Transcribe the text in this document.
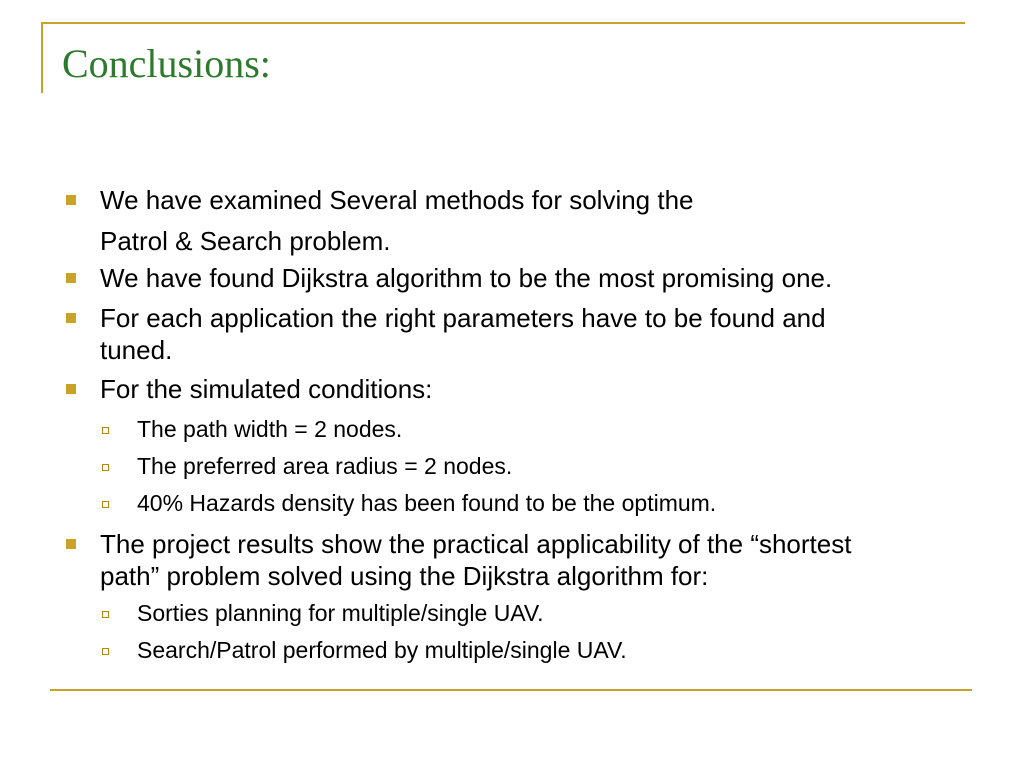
Conclusions:

We have examined Several methods for solving the

Patrol & Search problem.

We have found Dijkstra algorithm to be the most promising one.

For each application the right parameters have to be found and

tuned.

For the simulated conditions:

The path width = 2 nodes.

The preferred area radius = 2 nodes.

40% Hazards density has been found to be the optimum.

The project results show the practical applicability of the “shortest

path” problem solved using the Dijkstra algorithm for:

Sorties planning for multiple/single UAV.

Search/Patrol performed by multiple/single UAV.
